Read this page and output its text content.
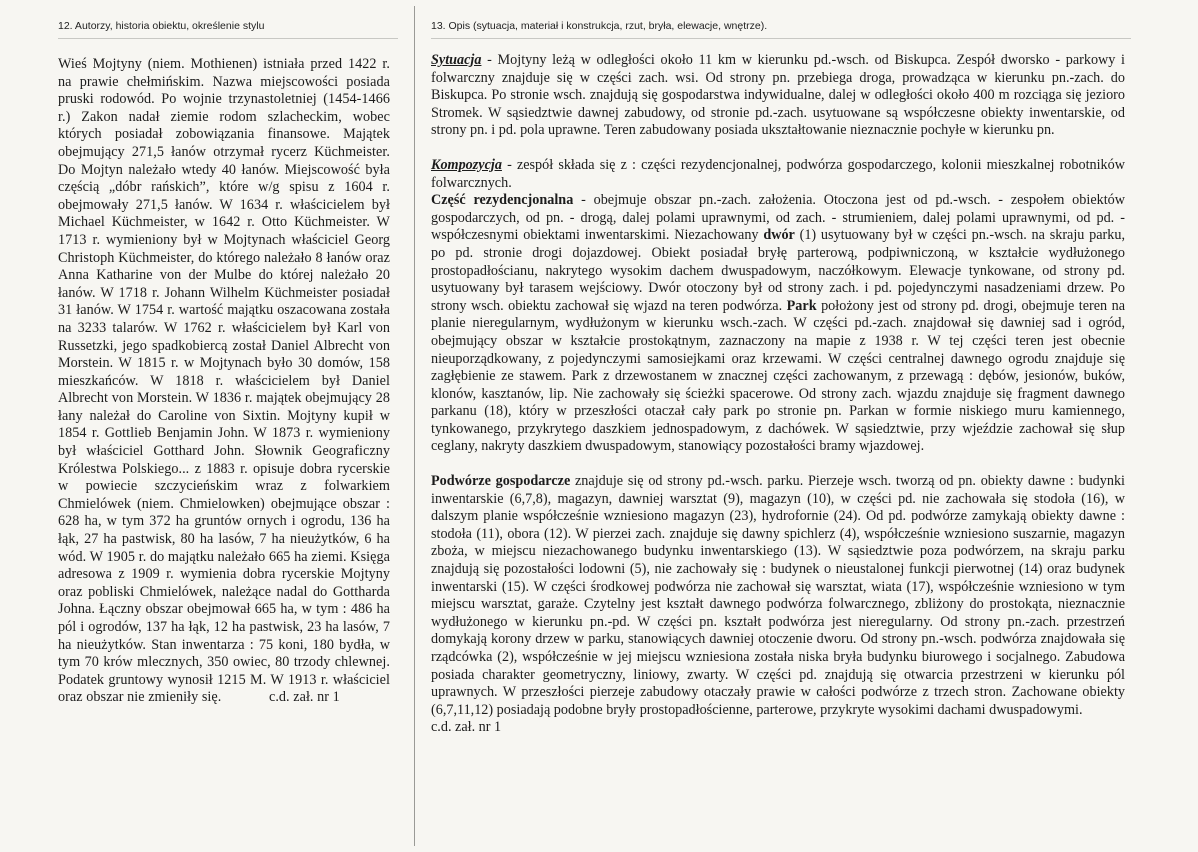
12. Autorzy, historia obiektu, określenie stylu	13. Opis (sytuacja, materiał i konstrukcja, rzut, bryła, elewacje, wnętrze).

Wieś Mojtyny (niem. Mothienen) istniała przed 1422 r. na prawie chełmińskim. Nazwa miejscowości posiada pruski rodowód. Po wojnie trzynastoletniej (1454-1466 r.) Zakon nadał ziemie rodom szlacheckim, wobec których posiadał zobowiązania finansowe. Majątek obejmujący 271,5 łanów otrzymał rycerz Küchmeister. Do Mojtyn należało wtedy 40 łanów. Miejscowość była częścią „dóbr rańskich”, które w/g spisu z 1604 r. obejmowały 271,5 łanów. W 1634 r. właścicielem był Michael Küchmeister, w 1642 r. Otto Küchmeister. W 1713 r. wymieniony był w Mojtynach właściciel Georg Christoph Küchmeister, do którego należało 8 łanów oraz Anna Katharine von der Mulbe do której należało 20 łanów. W 1718 r. Johann Wilhelm Küchmeister posiadał 31 łanów. W 1754 r. wartość majątku oszacowana została na 3233 talarów. W 1762 r. właścicielem był Karl von Russetzki, jego spadkobiercą został Daniel Albrecht von Morstein. W 1815 r. w Mojtynach było 30 domów, 158 mieszkańców. W 1818 r. właścicielem był Daniel Albrecht von Morstein. W 1836 r. majątek obejmujący 28 łany należał do Caroline von Sixtin. Mojtyny kupił w 1854 r. Gottlieb Benjamin John. W 1873 r. wymieniony był właściciel Gotthard John. Słownik Geograficzny Królestwa Polskiego... z 1883 r. opisuje dobra rycerskie w powiecie szczycieńskim wraz z folwarkiem Chmielówek (niem. Chmielowken) obejmujące obszar : 628 ha, w tym 372 ha gruntów ornych i ogrodu, 136 ha łąk, 27 ha pastwisk, 80 ha lasów, 7 ha nieużytków, 6 ha wód. W 1905 r. do majątku należało 665 ha ziemi. Księga adresowa z 1909 r. wymienia dobra rycerskie Mojtyny oraz pobliski Chmielówek, należące nadal do Gottharda Johna. Łączny obszar obejmował 665 ha, w tym : 486 ha pól i ogrodów, 137 ha łąk, 12 ha pastwisk, 23 ha lasów, 7 ha nieużytków. Stan inwentarza : 75 koni, 180 bydła, w tym 70 krów mlecznych, 350 owiec, 80 trzody chlewnej. Podatek gruntowy wynosił 1215 M. W 1913 r. właściciel oraz obszar nie zmieniły się.	c.d. zał. nr 1

Sytuacja - Mojtyny leżą w odległości około 11 km w kierunku pd.-wsch. od Biskupca. Zespół dworsko - parkowy i folwarczny znajduje się w części zach. wsi. Od strony pn. przebiega droga, prowadząca w kierunku pn.-zach. do Biskupca. Po stronie wsch. znajdują się gospodarstwa indywidualne, dalej w odległości około 400 m rozciąga się jezioro Stromek. W sąsiedztwie dawnej zabudowy, od stronie pd.-zach. usytuowane są współczesne obiekty inwentarskie, od strony pn. i pd. pola uprawne. Teren zabudowany posiada ukształtowanie nieznacznie pochyłe w kierunku pn.

Kompozycja - zespół składa się z : części rezydencjonalnej, podwórza gospodarczego, kolonii mieszkalnej robotników folwarcznych.

Część rezydencjonalna - obejmuje obszar pn.-zach. założenia. Otoczona jest od pd.-wsch. - zespołem obiektów gospodarczych, od pn. - drogą, dalej polami uprawnymi, od zach. - strumieniem, dalej polami uprawnymi, od pd. - współczesnymi obiektami inwentarskimi. Niezachowany dwór (1) usytuowany był w części pn.-wsch. na skraju parku, po pd. stronie drogi dojazdowej. Obiekt posiadał bryłę parterową, podpiwniczoną, w kształcie wydłużonego prostopadłościanu, nakrytego wysokim dachem dwuspadowym, naczółkowym. Elewacje tynkowane, od strony pd. usytuowany był tarasem wejściowy. Dwór otoczony był od strony zach. i pd. pojedynczymi nasadzeniami drzew. Po strony wsch. obiektu zachował się wjazd na teren podwórza. Park położony jest od strony pd. drogi, obejmuje teren na planie nieregularnym, wydłużonym w kierunku wsch.-zach. W części pd.-zach. znajdował się dawniej sad i ogród, obejmujący obszar w kształcie prostokątnym, zaznaczony na mapie z 1938 r. W tej części teren jest obecnie nieuporządkowany, z pojedynczymi samosiejkami oraz krzewami. W części centralnej dawnego ogrodu znajduje się zagłębienie ze stawem. Park z drzewostanem w znacznej części zachowanym, z przewagą : dębów, jesionów, buków, klonów, kasztanów, lip. Nie zachowały się ścieżki spacerowe. Od strony zach. wjazdu znajduje się fragment dawnego parkanu (18), który w przeszłości otaczał cały park po stronie pn. Parkan w formie niskiego muru kamiennego, tynkowanego, przykrytego daszkiem jednospadowym, z dachówek. W sąsiedztwie, przy wjeździe zachował się słup ceglany, nakryty daszkiem dwuspadowym, stanowiący pozostałości bramy wjazdowej.

Podwórze gospodarcze znajduje się od strony pd.-wsch. parku. Pierzeje wsch. tworzą od pn. obiekty dawne : budynki inwentarskie (6,7,8), magazyn, dawniej warsztat (9), magazyn (10), w części pd. nie zachowała się stodoła (16), w dalszym planie współcześnie wzniesiono magazyn (23), hydrofornie (24). Od pd. podwórze zamykają obiekty dawne : stodoła (11), obora (12). W pierzei zach. znajduje się dawny spichlerz (4), współcześnie wzniesiono suszarnie, magazyn zboża, w miejscu niezachowanego budynku inwentarskiego (13). W sąsiedztwie poza podwórzem, na skraju parku znajdują się pozostałości lodowni (5), nie zachowały się : budynek o nieustalonej funkcji pierwotnej (14) oraz budynek inwentarski (15). W części środkowej podwórza nie zachował się warsztat, wiata (17), współcześnie wzniesiono w tym miejscu warsztat, garaże. Czytelny jest kształt dawnego podwórza folwarcznego, zbliżony do prostokąta, nieznacznie wydłużonego w kierunku pn.-pd. W części pn. kształt podwórza jest nieregularny. Od strony pn.-zach. przestrzeń domykają korony drzew w parku, stanowiących dawniej otoczenie dworu. Od strony pn.-wsch. podwórza znajdowała się rządcówka (2), współcześnie w jej miejscu wzniesiona została niska bryła budynku biurowego i socjalnego. Zabudowa posiada charakter geometryczny, liniowy, zwarty. W części pd. znajdują się otwarcia przestrzeni w kierunku pól uprawnych. W przeszłości pierzeje zabudowy otaczały prawie w całości podwórze z trzech stron. Zachowane obiekty (6,7,11,12) posiadają podobne bryły prostopadłościenne, parterowe, przykryte wysokimi dachami dwuspadowymi.

c.d. zał. nr 1
